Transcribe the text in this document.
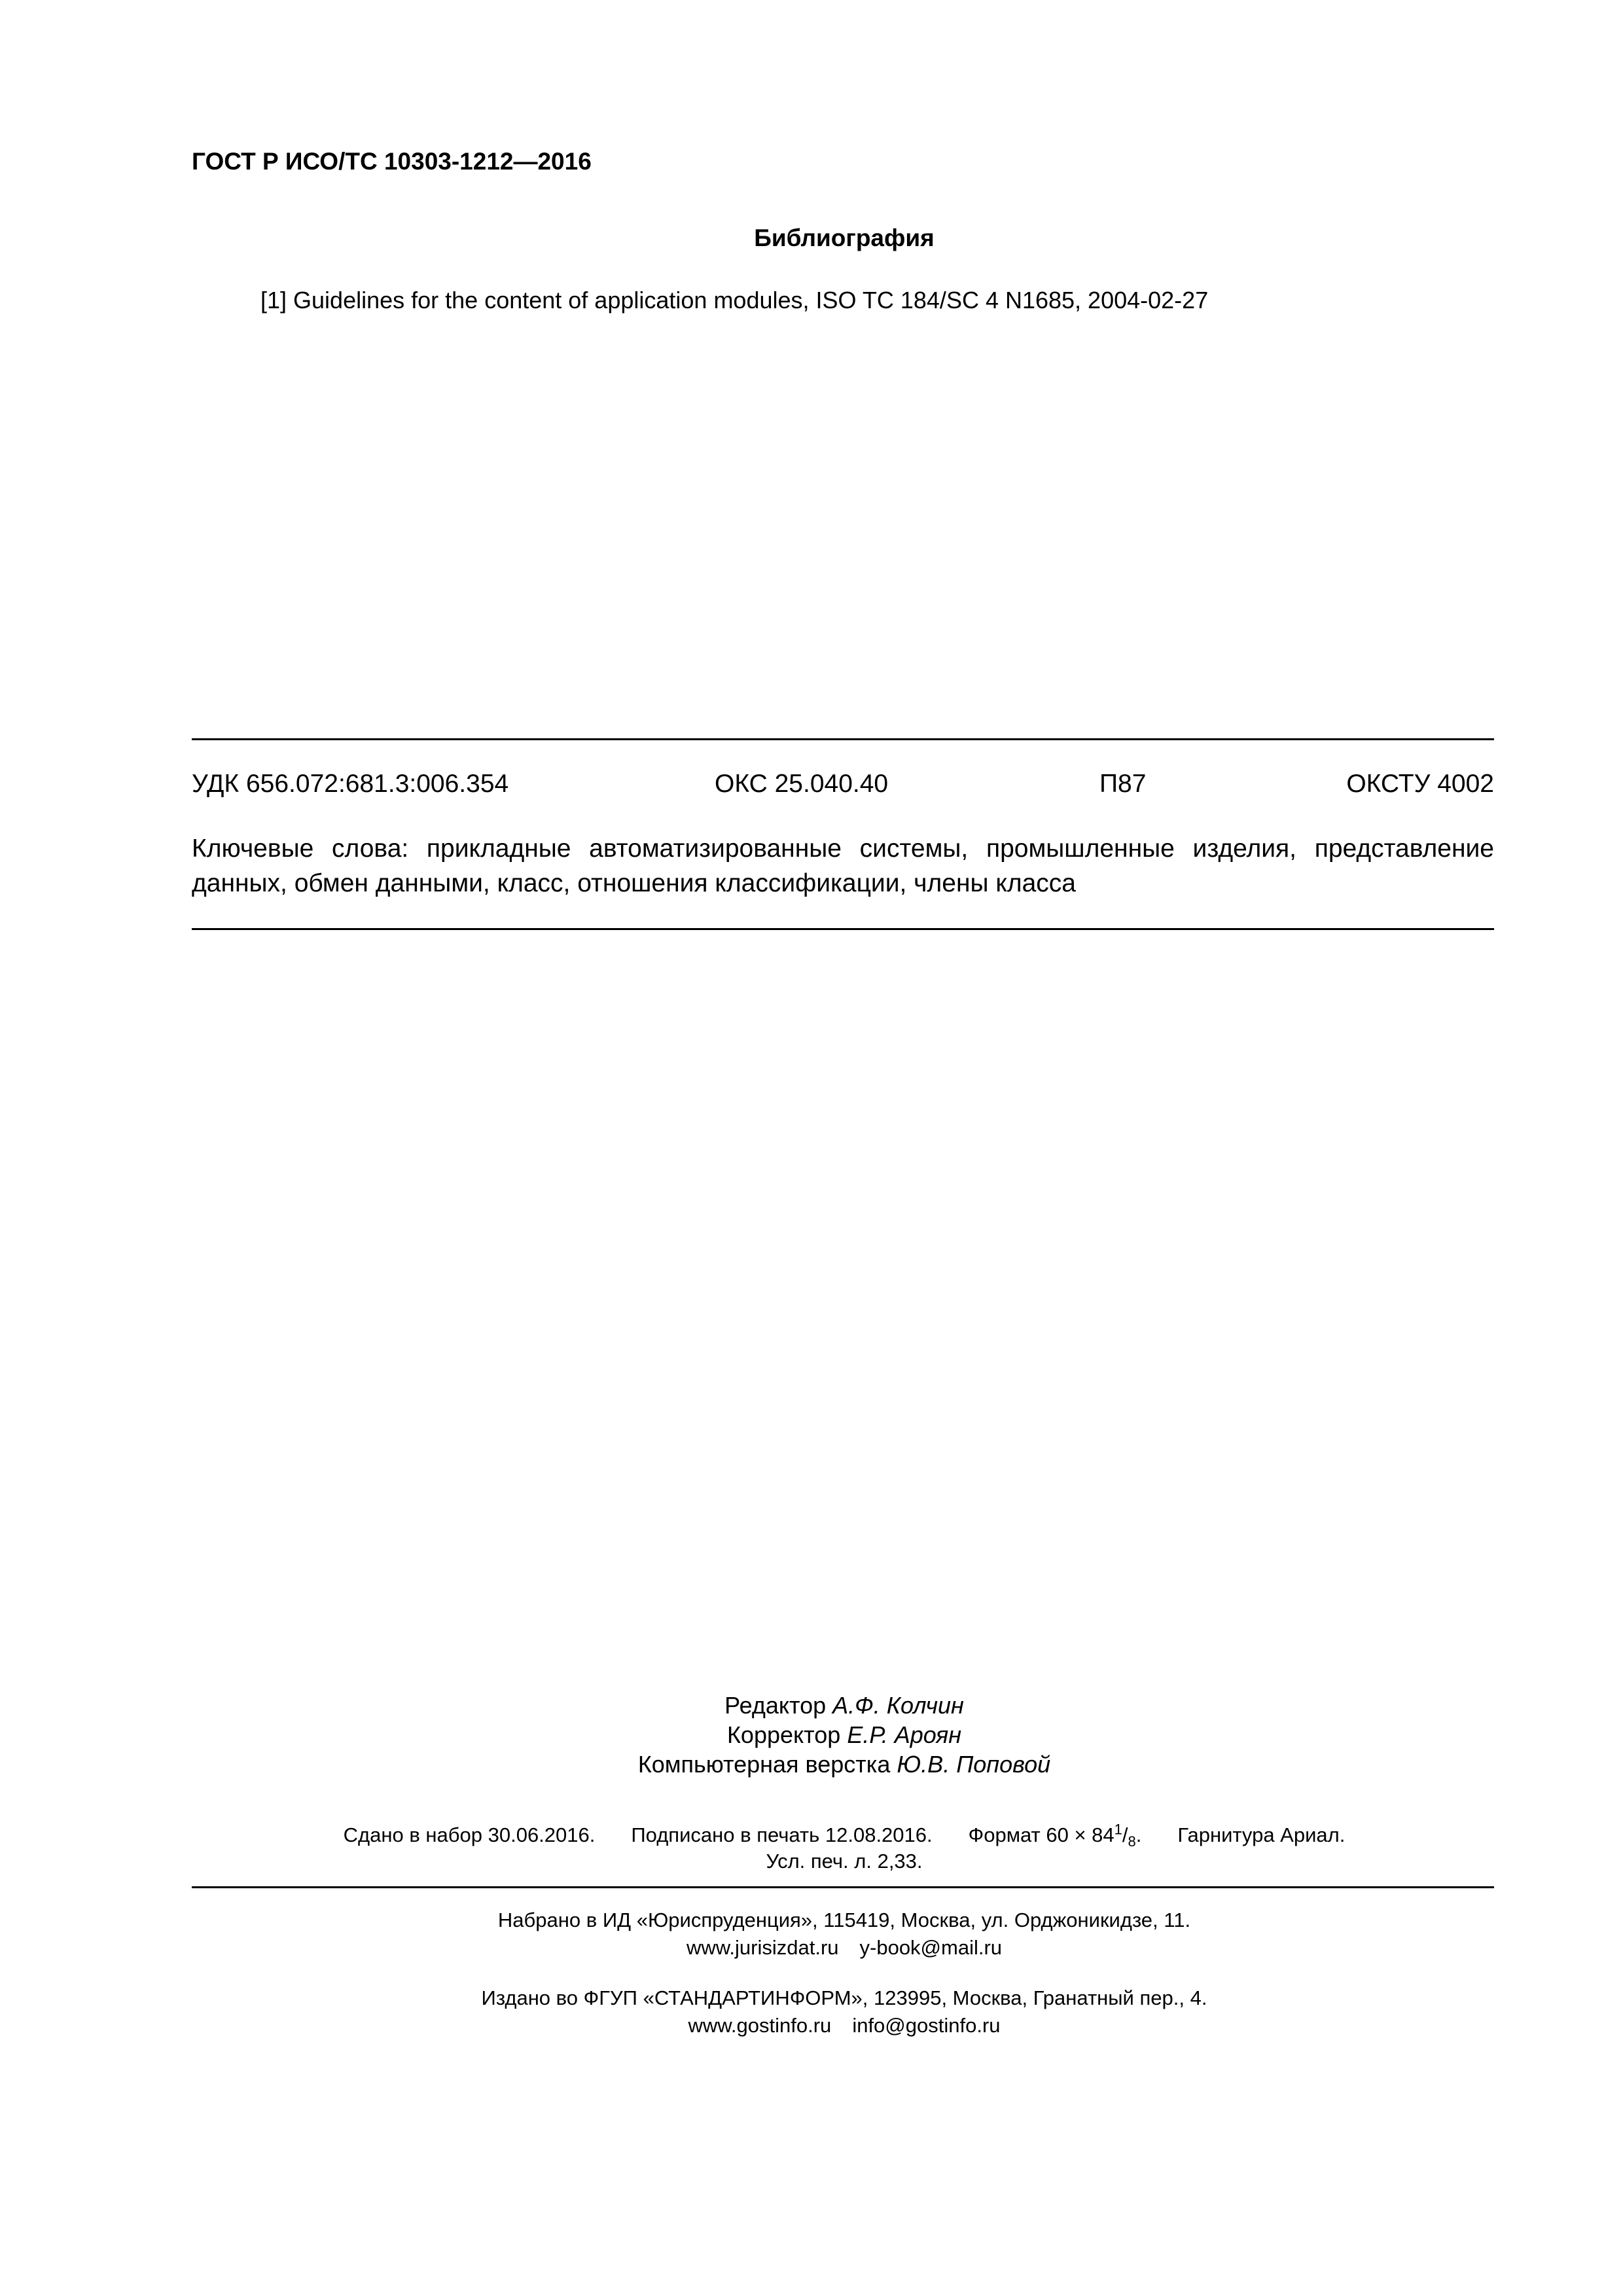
ГОСТ Р ИСО/ТС 10303-1212—2016
Библиография
[1] Guidelines for the content of application modules, ISO TC 184/SC 4 N1685, 2004-02-27
УДК 656.072:681.3:006.354	ОКС 25.040.40	П87	ОКСТУ 4002
Ключевые слова: прикладные автоматизированные системы, промышленные изделия, представление данных, обмен данными, класс, отношения классификации, члены класса
Редактор А.Ф. Колчин
Корректор Е.Р. Ароян
Компьютерная верстка Ю.В. Поповой
Сдано в набор 30.06.2016. Подписано в печать 12.08.2016. Формат $60 \times 84^1/_8$. Гарнитура Ариал.
Усл. печ. л. 2,33.
Набрано в ИД «Юриспруденция», 115419, Москва, ул. Орджоникидзе, 11.
www.jurisizdat.ru y-book@mail.ru
Издано во ФГУП «СТАНДАРТИНФОРМ», 123995, Москва, Гранатный пер., 4.
www.gostinfo.ru info@gostinfo.ru
